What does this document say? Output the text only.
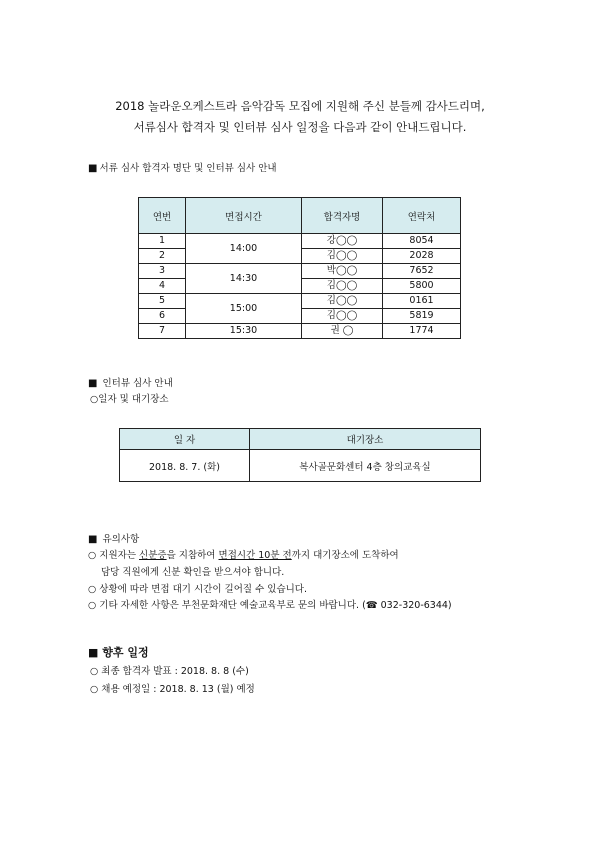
2018 놀라운오케스트라 음악감독 모집에 지원해 주신 분들께 감사드리며,
서류심사 합격자 및 인터뷰 심사 일정을 다음과 같이 안내드립니다.
■ 서류 심사 합격자 명단 및 인터뷰 심사 안내
연번	면접시간	합격자명	연락처
1	14:00	강◯◯	8054
2		김◯◯	2028
3	14:30	박◯◯	7652
4		김◯◯	5800
5	15:00	김◯◯	0161
6		김◯◯	5819
7	15:30	권 ◯	1774
■ 인터뷰 심사 안내
○일자 및 대기장소
일 자	대기장소
2018. 8. 7. (화)	복사골문화센터 4층 창의교육실
■ 유의사항
○ 지원자는 신분증을 지참하여 면접시간 10분 전까지 대기장소에 도착하여
담당 직원에게 신분 확인을 받으셔야 합니다.
○ 상황에 따라 면접 대기 시간이 길어질 수 있습니다.
○ 기타 자세한 사항은 부천문화재단 예술교육부로 문의 바랍니다. (☎ 032-320-6344)
■ 향후 일정
○ 최종 합격자 발표 : 2018. 8. 8 (수)
○ 채용 예정일 : 2018. 8. 13 (월) 예정
